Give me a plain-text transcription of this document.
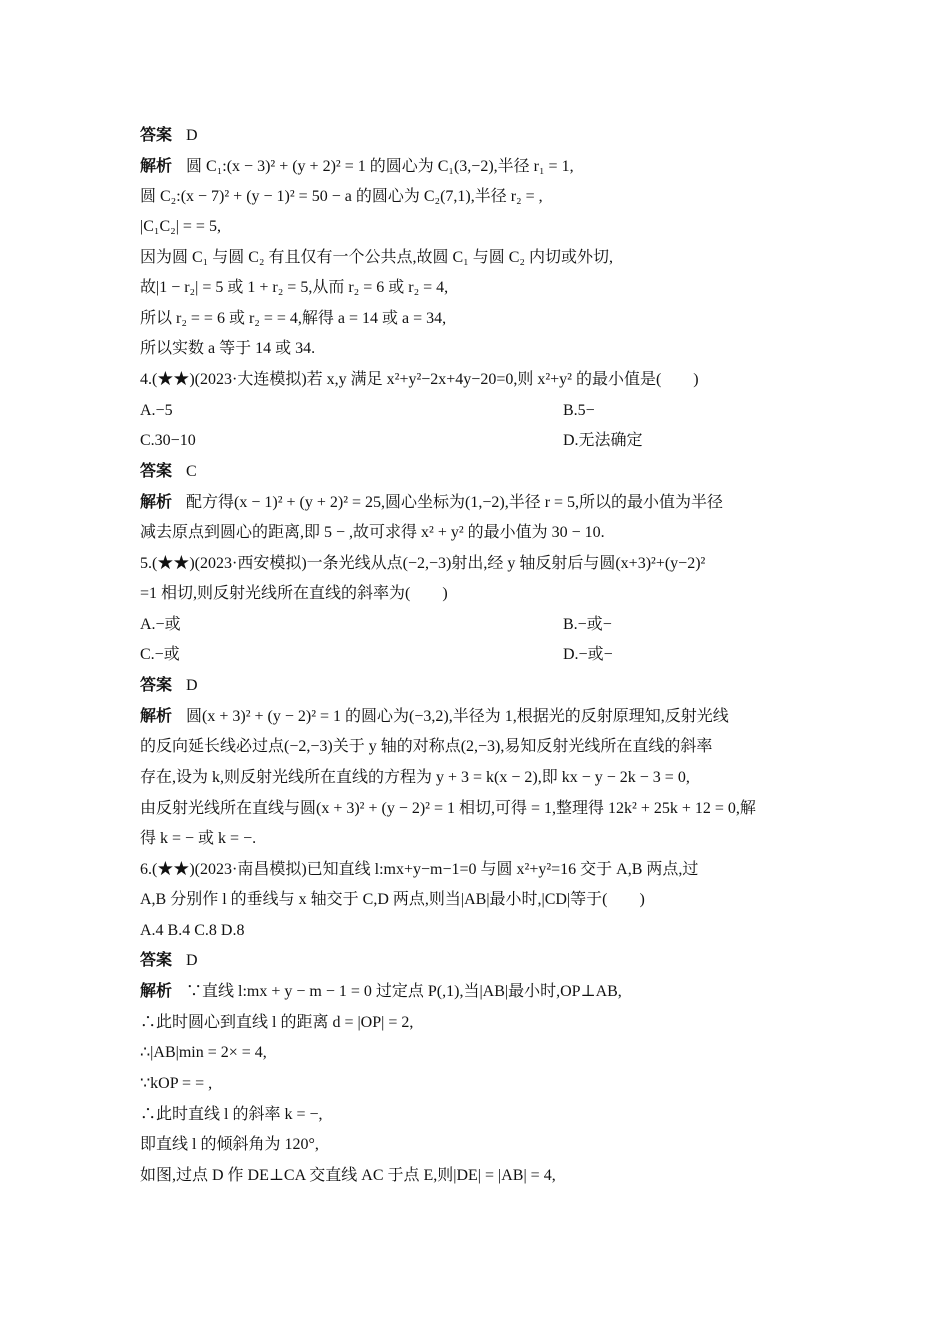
答案 D
解析 圆 C₁:(x − 3)² + (y + 2)² = 1 的圆心为 C₁(3,−2),半径 r₁ = 1,
圆 C₂:(x − 7)² + (y − 1)² = 50 − a 的圆心为 C₂(7,1),半径 r₂ = ,
|C₁C₂| = = 5,
因为圆 C₁ 与圆 C₂ 有且仅有一个公共点,故圆 C₁ 与圆 C₂ 内切或外切,
故|1 − r₂| = 5 或 1 + r₂ = 5,从而 r₂ = 6 或 r₂ = 4,
所以 r₂ = = 6 或 r₂ = = 4,解得 a = 14 或 a = 34,
所以实数 a 等于 14 或 34.
4.(★★)(2023·大连模拟)若 x,y 满足 x²+y²−2x+4y−20=0,则 x²+y² 的最小值是(　　)
A.−5	B.5−
C.30−10	D.无法确定
答案 C
解析 配方得(x − 1)² + (y + 2)² = 25,圆心坐标为(1,−2),半径 r = 5,所以的最小值为半径
减去原点到圆心的距离,即 5 − ,故可求得 x² + y² 的最小值为 30 − 10.
5.(★★)(2023·西安模拟)一条光线从点(−2,−3)射出,经 y 轴反射后与圆(x+3)²+(y−2)²
=1 相切,则反射光线所在直线的斜率为(　　)
A.−或	B.−或−
C.−或	D.−或−
答案 D
解析 圆(x + 3)² + (y − 2)² = 1 的圆心为(−3,2),半径为 1,根据光的反射原理知,反射光线
的反向延长线必过点(−2,−3)关于 y 轴的对称点(2,−3),易知反射光线所在直线的斜率
存在,设为 k,则反射光线所在直线的方程为 y + 3 = k(x − 2),即 kx − y − 2k − 3 = 0,
由反射光线所在直线与圆(x + 3)² + (y − 2)² = 1 相切,可得 = 1,整理得 12k² + 25k + 12 = 0,解
得 k = − 或 k = −.
6.(★★)(2023·南昌模拟)已知直线 l:mx+y−m−1=0 与圆 x²+y²=16 交于 A,B 两点,过
A,B 分别作 l 的垂线与 x 轴交于 C,D 两点,则当|AB|最小时,|CD|等于(　　)
A.4 B.4 C.8 D.8
答案 D
解析 ∵直线 l:mx + y − m − 1 = 0 过定点 P(,1),当|AB|最小时,OP⊥AB,
∴此时圆心到直线 l 的距离 d = |OP| = 2,
∴|AB|min = 2× = 4,
∵kOP = = ,
∴此时直线 l 的斜率 k = −,
即直线 l 的倾斜角为 120°,
如图,过点 D 作 DE⊥CA 交直线 AC 于点 E,则|DE| = |AB| = 4,
